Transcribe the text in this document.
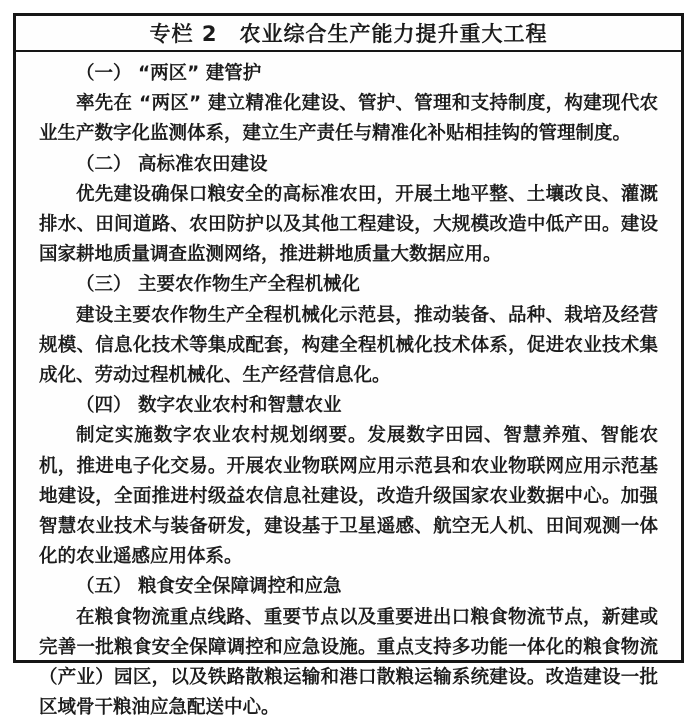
专栏 2　农业综合生产能力提升重大工程

（一） “两区” 建管护

率先在 “两区” 建立精准化建设、管护、管理和支持制度，构建现代农业生产数字化监测体系，建立生产责任与精准化补贴相挂钩的管理制度。

（二） 高标准农田建设

优先建设确保口粮安全的高标准农田，开展土地平整、土壤改良、灌溉排水、田间道路、农田防护以及其他工程建设，大规模改造中低产田。建设国家耕地质量调查监测网络，推进耕地质量大数据应用。

（三） 主要农作物生产全程机械化

建设主要农作物生产全程机械化示范县，推动装备、品种、栽培及经营规模、信息化技术等集成配套，构建全程机械化技术体系，促进农业技术集成化、劳动过程机械化、生产经营信息化。

（四） 数字农业农村和智慧农业

制定实施数字农业农村规划纲要。发展数字田园、智慧养殖、智能农机，推进电子化交易。开展农业物联网应用示范县和农业物联网应用示范基地建设，全面推进村级益农信息社建设，改造升级国家农业数据中心。加强智慧农业技术与装备研发，建设基于卫星遥感、航空无人机、田间观测一体化的农业遥感应用体系。

（五） 粮食安全保障调控和应急

在粮食物流重点线路、重要节点以及重要进出口粮食物流节点，新建或完善一批粮食安全保障调控和应急设施。重点支持多功能一体化的粮食物流（产业）园区，以及铁路散粮运输和港口散粮运输系统建设。改造建设一批区域骨干粮油应急配送中心。
